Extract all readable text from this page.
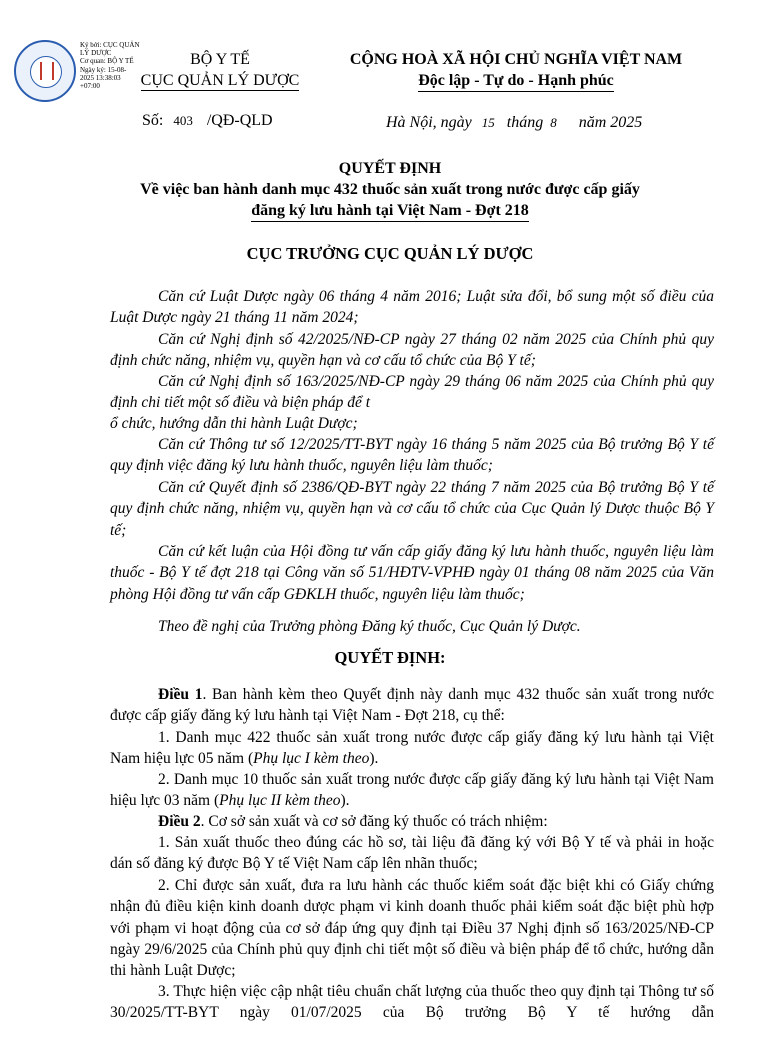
Ký bởi: CỤC QUẢN
LÝ DƯỢC
Cơ quan: BỘ Y TẾ
Ngày ký: 15-08-
2025 13:38:03
+07:00
BỘ Y TẾ
CỤC QUẢN LÝ DƯỢC
CỘNG HOÀ XÃ HỘI CHỦ NGHĨA VIỆT NAM
Độc lập - Tự do - Hạnh phúc
Số: 403 /QĐ-QLD	Hà Nội, ngày 15 tháng 8 năm 2025
QUYẾT ĐỊNH
Về việc ban hành danh mục 432 thuốc sản xuất trong nước được cấp giấy
đăng ký lưu hành tại Việt Nam - Đợt 218
CỤC TRƯỞNG CỤC QUẢN LÝ DƯỢC
Căn cứ Luật Dược ngày 06 tháng 4 năm 2016; Luật sửa đổi, bổ sung một số điều của Luật Dược ngày 21 tháng 11 năm 2024;
Căn cứ Nghị định số 42/2025/NĐ-CP ngày 27 tháng 02 năm 2025 của Chính phủ quy định chức năng, nhiệm vụ, quyền hạn và cơ cấu tổ chức của Bộ Y tế;
Căn cứ Nghị định số 163/2025/NĐ-CP ngày 29 tháng 06 năm 2025 của Chính phủ quy định chi tiết một số điều và biện pháp để t
ổ chức, hướng dẫn thi hành Luật Dược;
Căn cứ Thông tư số 12/2025/TT-BYT ngày 16 tháng 5 năm 2025 của Bộ trưởng Bộ Y tế quy định việc đăng ký lưu hành thuốc, nguyên liệu làm thuốc;
Căn cứ Quyết định số 2386/QĐ-BYT ngày 22 tháng 7 năm 2025 của Bộ trưởng Bộ Y tế quy định chức năng, nhiệm vụ, quyền hạn và cơ cấu tổ chức của Cục Quản lý Dược thuộc Bộ Y tế;
Căn cứ kết luận của Hội đồng tư vấn cấp giấy đăng ký lưu hành thuốc, nguyên liệu làm thuốc - Bộ Y tế đợt 218 tại Công văn số 51/HĐTV-VPHĐ ngày 01 tháng 08 năm 2025 của Văn phòng Hội đồng tư vấn cấp GĐKLH thuốc, nguyên liệu làm thuốc;
Theo đề nghị của Trưởng phòng Đăng ký thuốc, Cục Quản lý Dược.
QUYẾT ĐỊNH:
Điều 1. Ban hành kèm theo Quyết định này danh mục 432 thuốc sản xuất trong nước được cấp giấy đăng ký lưu hành tại Việt Nam - Đợt 218, cụ thể:
1. Danh mục 422 thuốc sản xuất trong nước được cấp giấy đăng ký lưu hành tại Việt Nam hiệu lực 05 năm (Phụ lục I kèm theo).
2. Danh mục 10 thuốc sản xuất trong nước được cấp giấy đăng ký lưu hành tại Việt Nam hiệu lực 03 năm (Phụ lục II kèm theo).
Điều 2. Cơ sở sản xuất và cơ sở đăng ký thuốc có trách nhiệm:
1. Sản xuất thuốc theo đúng các hồ sơ, tài liệu đã đăng ký với Bộ Y tế và phải in hoặc dán số đăng ký được Bộ Y tế Việt Nam cấp lên nhãn thuốc;
2. Chỉ được sản xuất, đưa ra lưu hành các thuốc kiểm soát đặc biệt khi có Giấy chứng nhận đủ điều kiện kinh doanh dược phạm vi kinh doanh thuốc phải kiểm soát đặc biệt phù hợp với phạm vi hoạt động của cơ sở đáp ứng quy định tại Điều 37 Nghị định số 163/2025/NĐ-CP ngày 29/6/2025 của Chính phủ quy định chi tiết một số điều và biện pháp để tổ chức, hướng dẫn thi hành Luật Dược;
3. Thực hiện việc cập nhật tiêu chuẩn chất lượng của thuốc theo quy định tại Thông tư số 30/2025/TT-BYT ngày 01/07/2025 của Bộ trưởng Bộ Y tế hướng dẫn
